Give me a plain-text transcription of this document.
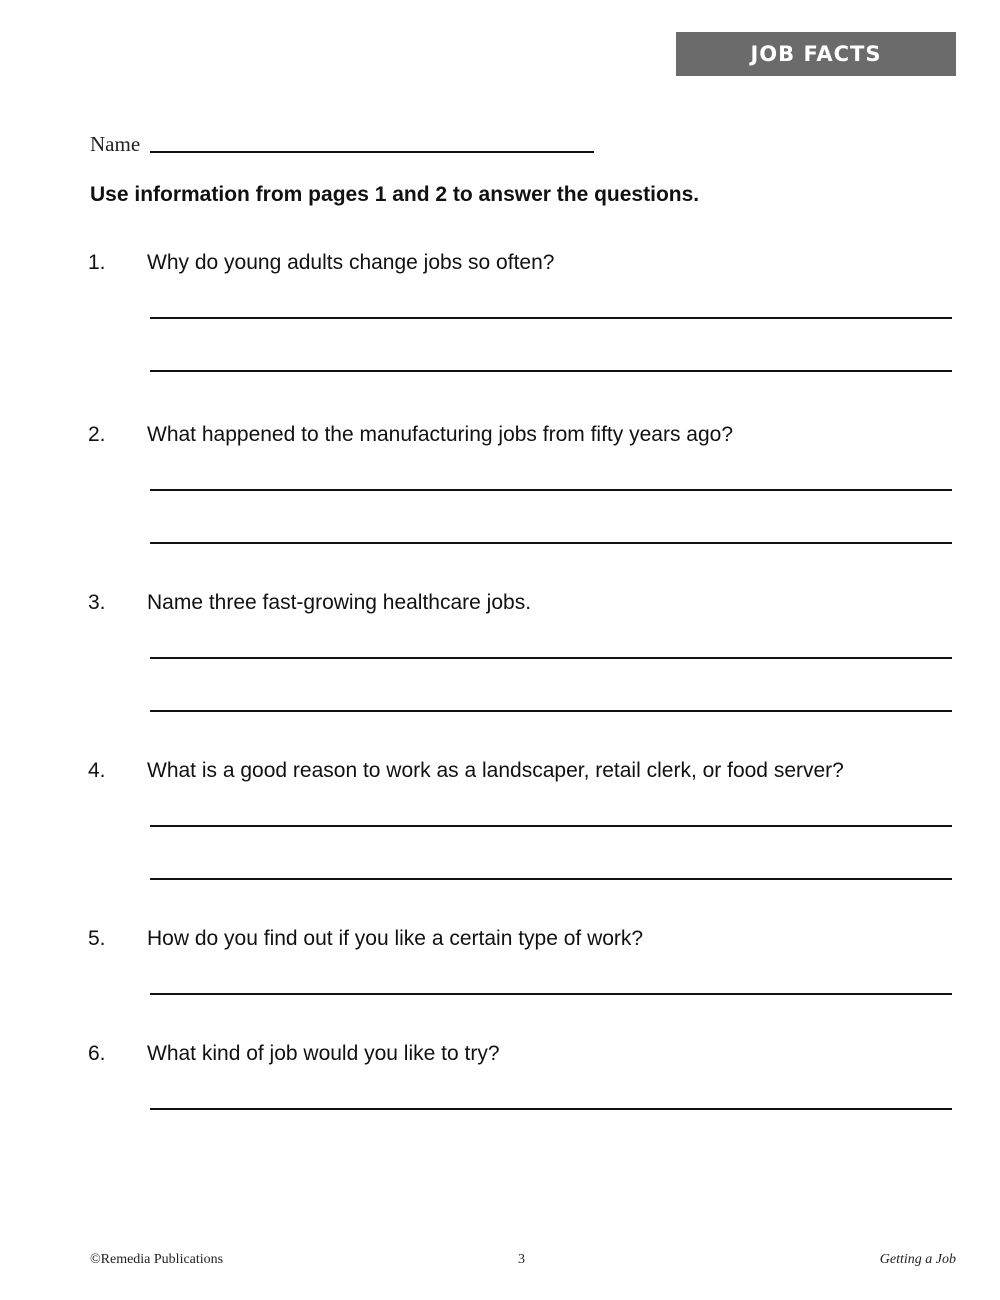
JOB FACTS
Name
Use information from pages 1 and 2 to answer the questions.
1.	Why do young adults change jobs so often?
2.	What happened to the manufacturing jobs from fifty years ago?
3.	Name three fast-growing healthcare jobs.
4.	What is a good reason to work as a landscaper, retail clerk, or food server?
5.	How do you find out if you like a certain type of work?
6.	What kind of job would you like to try?
©Remedia Publications	3	Getting a Job
